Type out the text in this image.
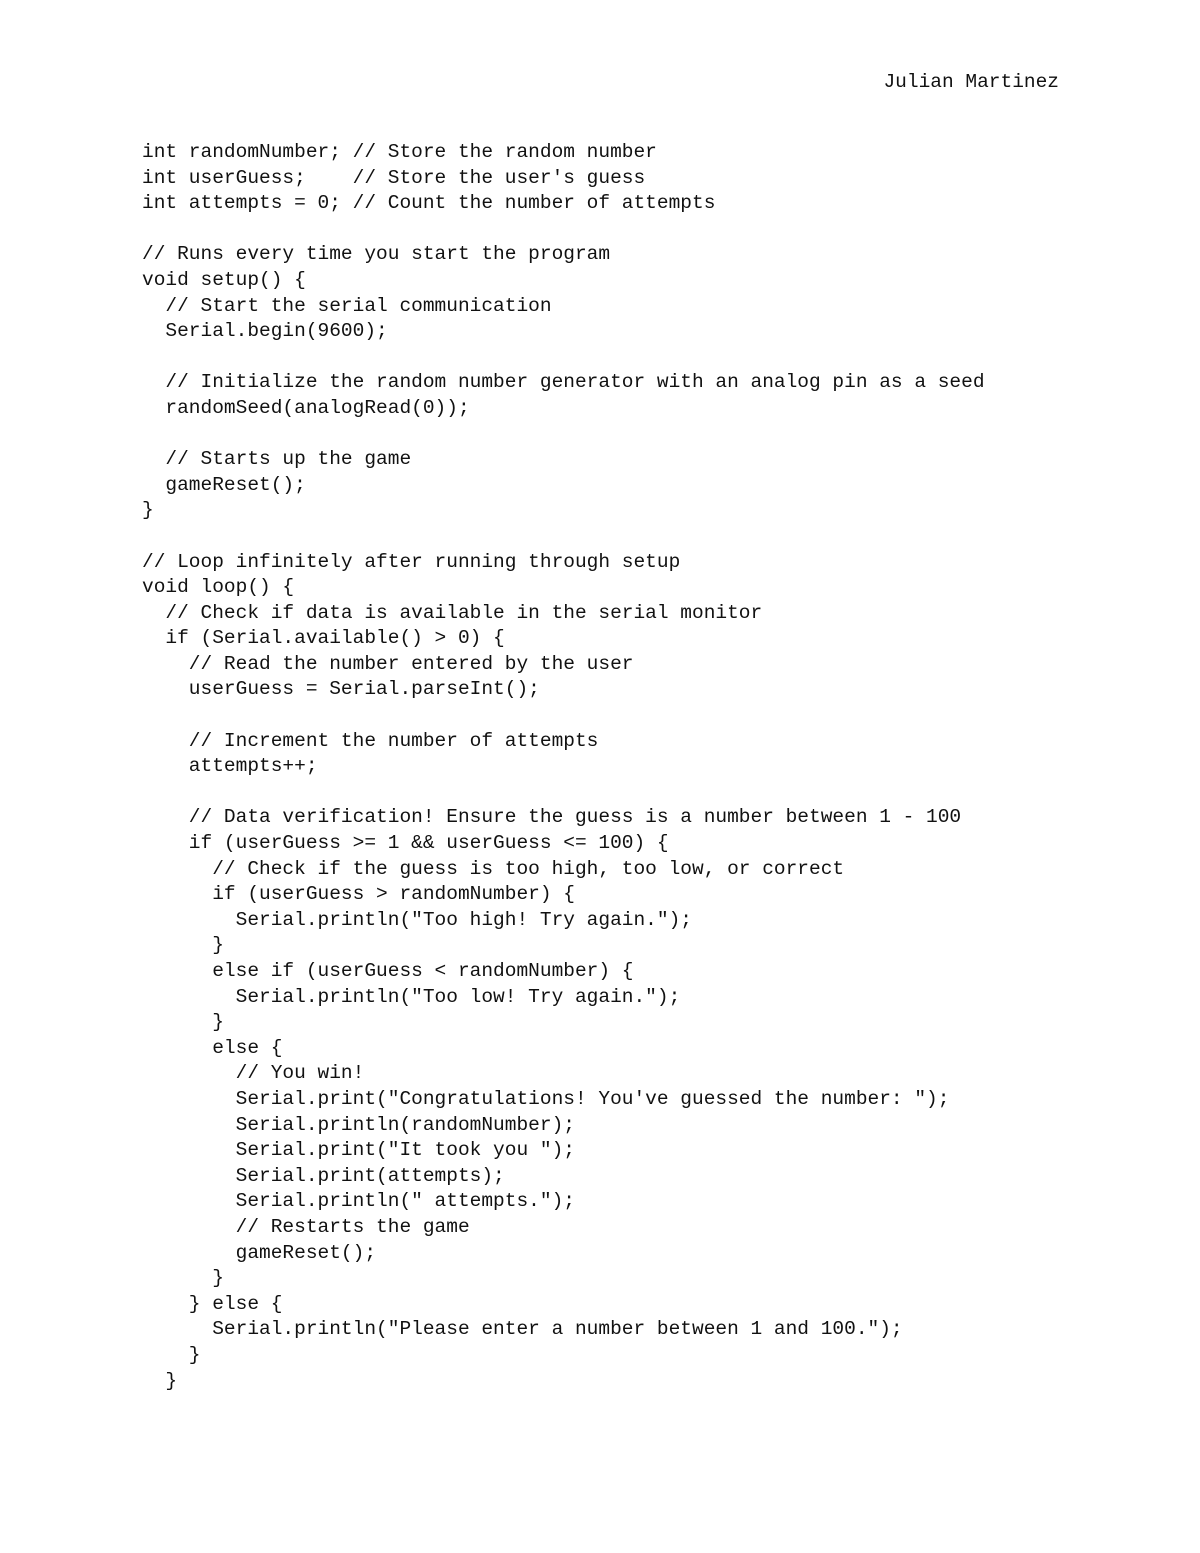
Julian Martinez

int randomNumber; // Store the random number
int userGuess;    // Store the user's guess
int attempts = 0; // Count the number of attempts
// Runs every time you start the program
void setup() {
// Start the serial communication
Serial.begin(9600);
// Initialize the random number generator with an analog pin as a seed
randomSeed(analogRead(0));
// Starts up the game
gameReset();
}
// Loop infinitely after running through setup
void loop() {
// Check if data is available in the serial monitor
if (Serial.available() > 0) {
// Read the number entered by the user
userGuess = Serial.parseInt();
// Increment the number of attempts
attempts++;
// Data verification! Ensure the guess is a number between 1 - 100
if (userGuess >= 1 && userGuess <= 100) {
// Check if the guess is too high, too low, or correct
if (userGuess > randomNumber) {
Serial.println("Too high! Try again.");
}
else if (userGuess < randomNumber) {
Serial.println("Too low! Try again.");
}
else {
// You win!
Serial.print("Congratulations! You've guessed the number: ");
Serial.println(randomNumber);
Serial.print("It took you ");
Serial.print(attempts);
Serial.println(" attempts.");
// Restarts the game
gameReset();
}
} else {
Serial.println("Please enter a number between 1 and 100.");
}
}
